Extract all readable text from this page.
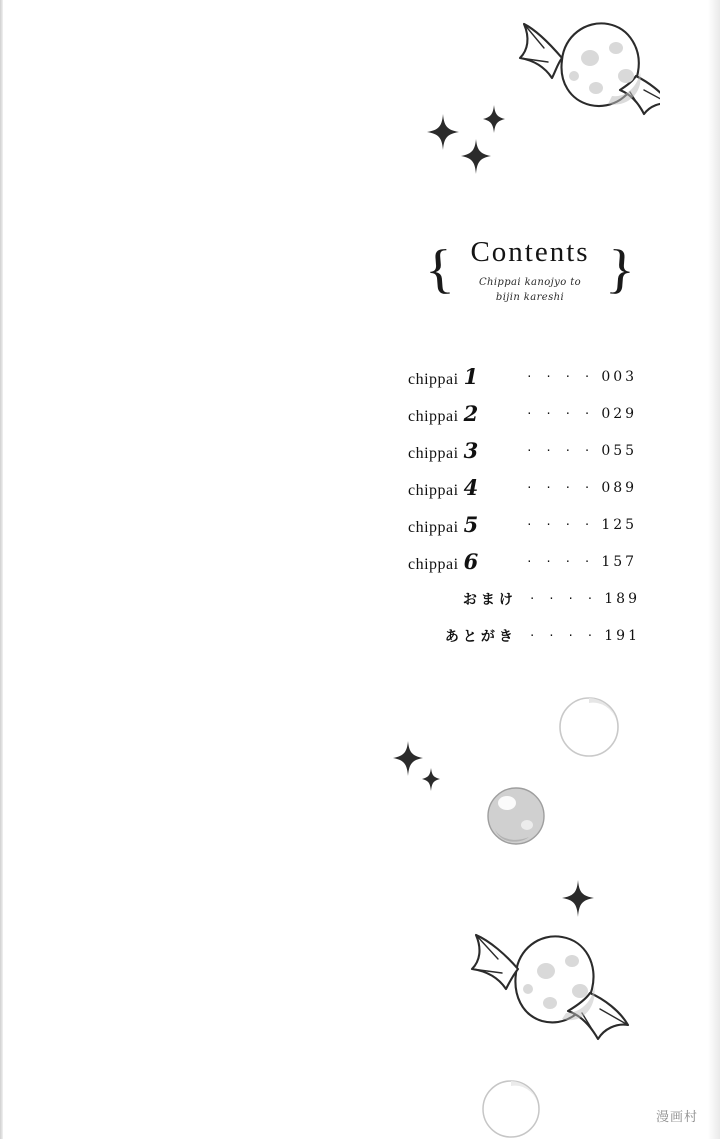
{	}
Contents
Chippai kanojyo to
bijin kareshi
chippai 1	· · · · 003
chippai 2	· · · · 029
chippai 3	· · · · 055
chippai 4	· · · · 089
chippai 5	· · · · 125
chippai 6	· · · · 157
おまけ · · · · 189
あとがき · · · · 191
漫画村
